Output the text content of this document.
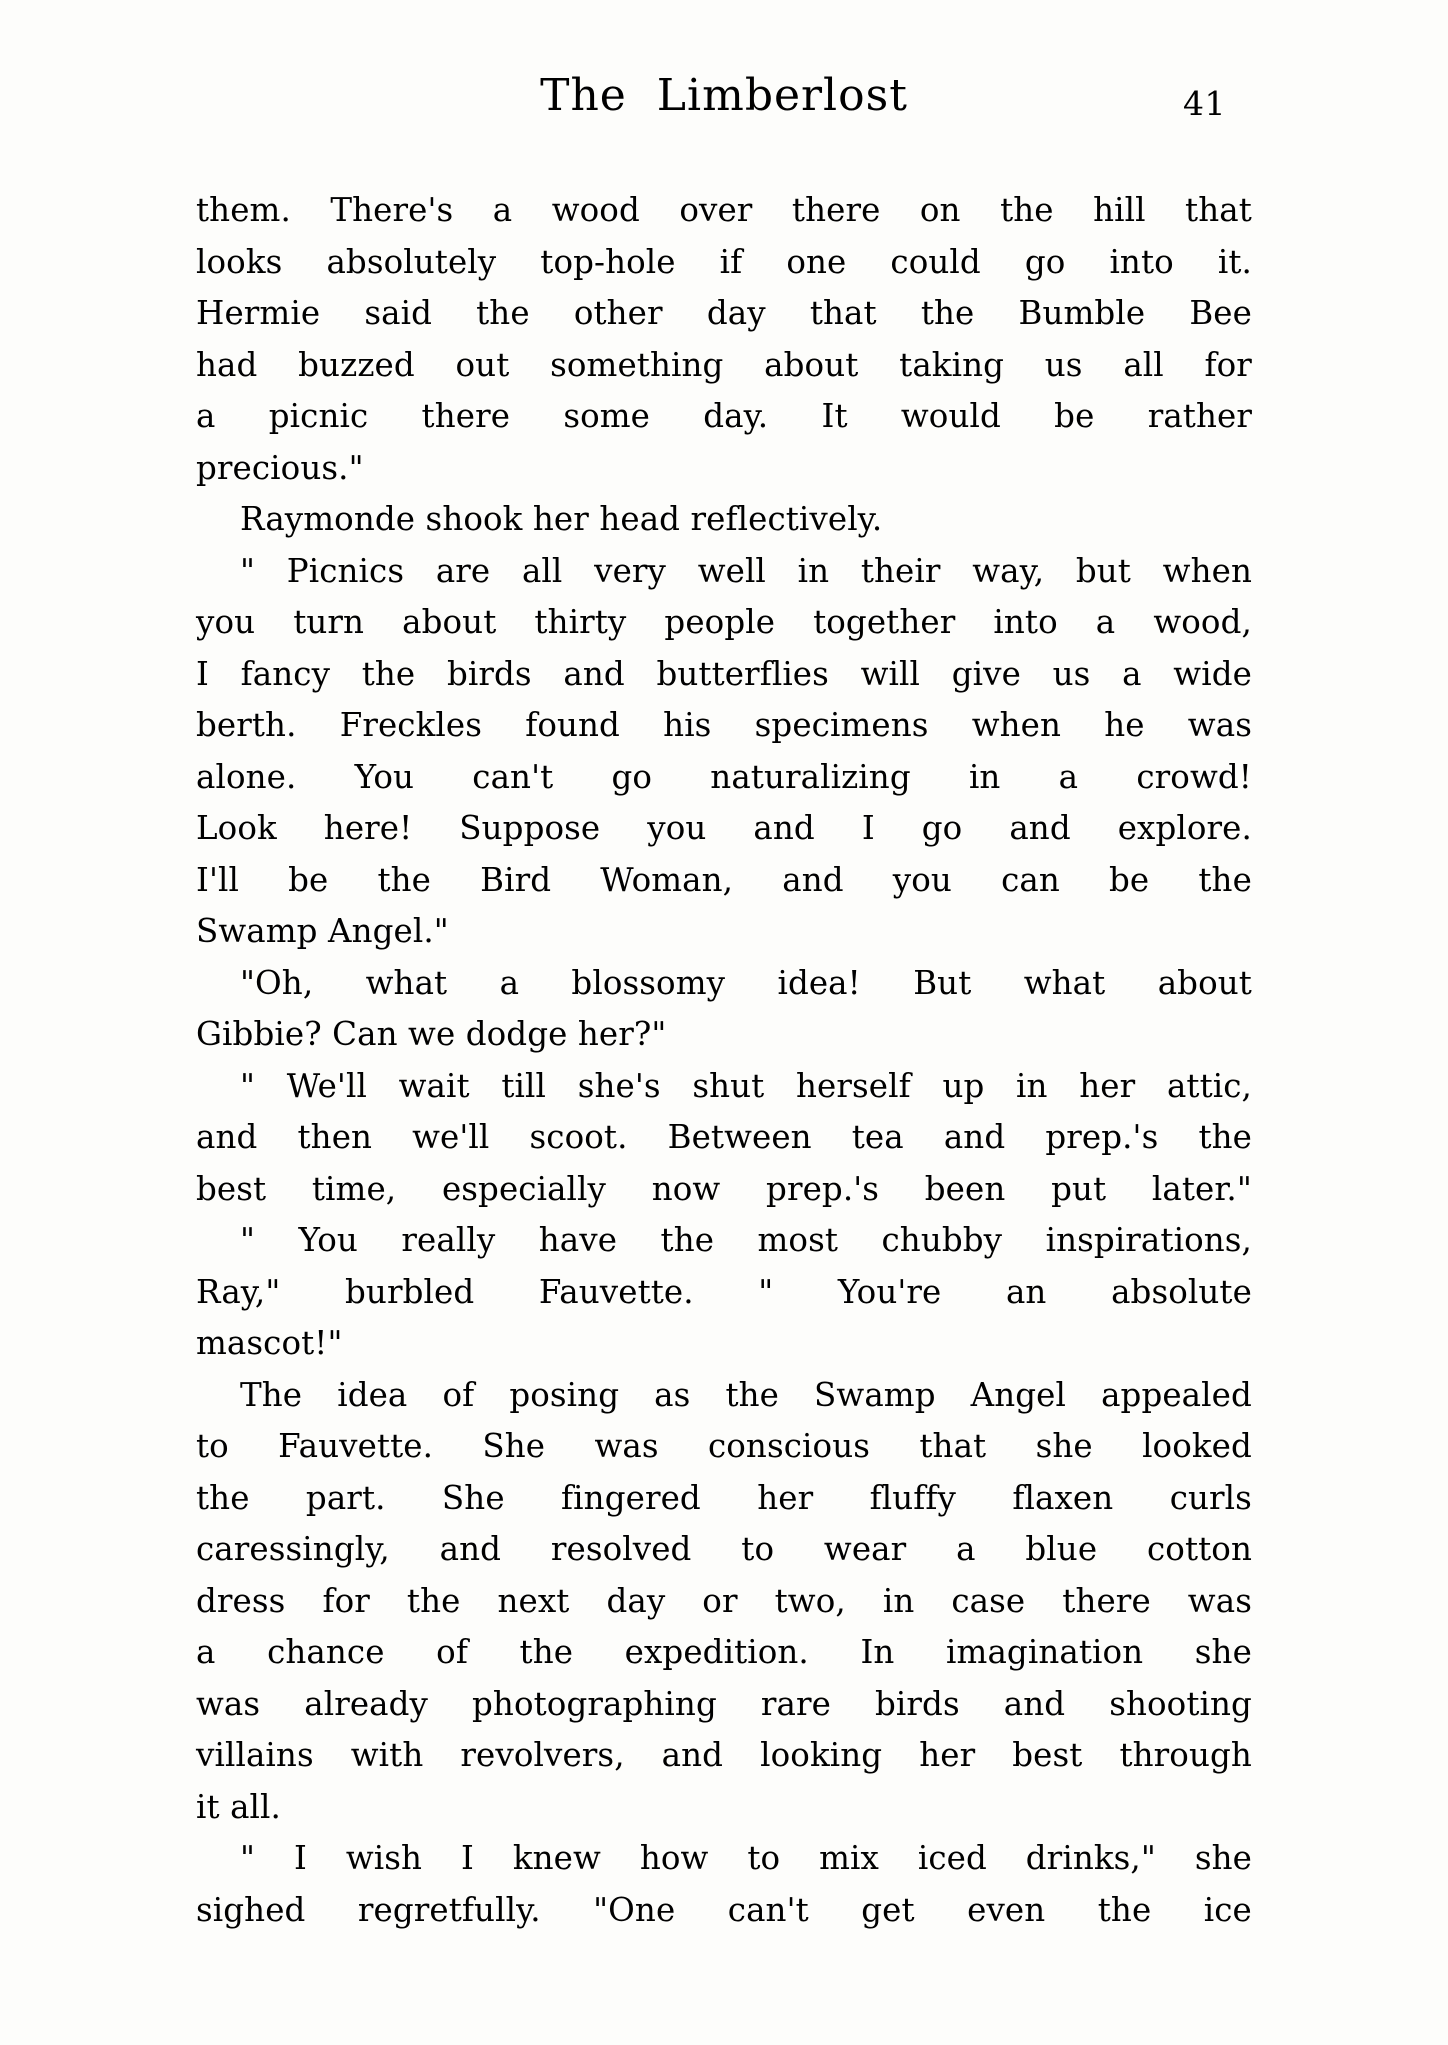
The  Limberlost	41
them. There's a wood over there on the hill that
looks absolutely top-hole if one could go into it.
Hermie said the other day that the Bumble Bee
had buzzed out something about taking us all for
a picnic there some day. It would be rather
precious."
Raymonde shook her head reflectively.
" Picnics are all very well in their way, but when
you turn about thirty people together into a wood,
I fancy the birds and butterflies will give us a wide
berth. Freckles found his specimens when he was
alone. You can't go naturalizing in a crowd!
Look here! Suppose you and I go and explore.
I'll be the Bird Woman, and you can be the
Swamp Angel."
"Oh, what a blossomy idea! But what about
Gibbie? Can we dodge her?"
" We'll wait till she's shut herself up in her attic,
and then we'll scoot. Between tea and prep.'s the
best time, especially now prep.'s been put later."
" You really have the most chubby inspirations,
Ray," burbled Fauvette. " You're an absolute
mascot!"
The idea of posing as the Swamp Angel appealed
to Fauvette. She was conscious that she looked
the part. She fingered her fluffy flaxen curls
caressingly, and resolved to wear a blue cotton
dress for the next day or two, in case there was
a chance of the expedition. In imagination she
was already photographing rare birds and shooting
villains with revolvers, and looking her best through
it all.
" I wish I knew how to mix iced drinks," she
sighed regretfully. "One can't get even the ice
